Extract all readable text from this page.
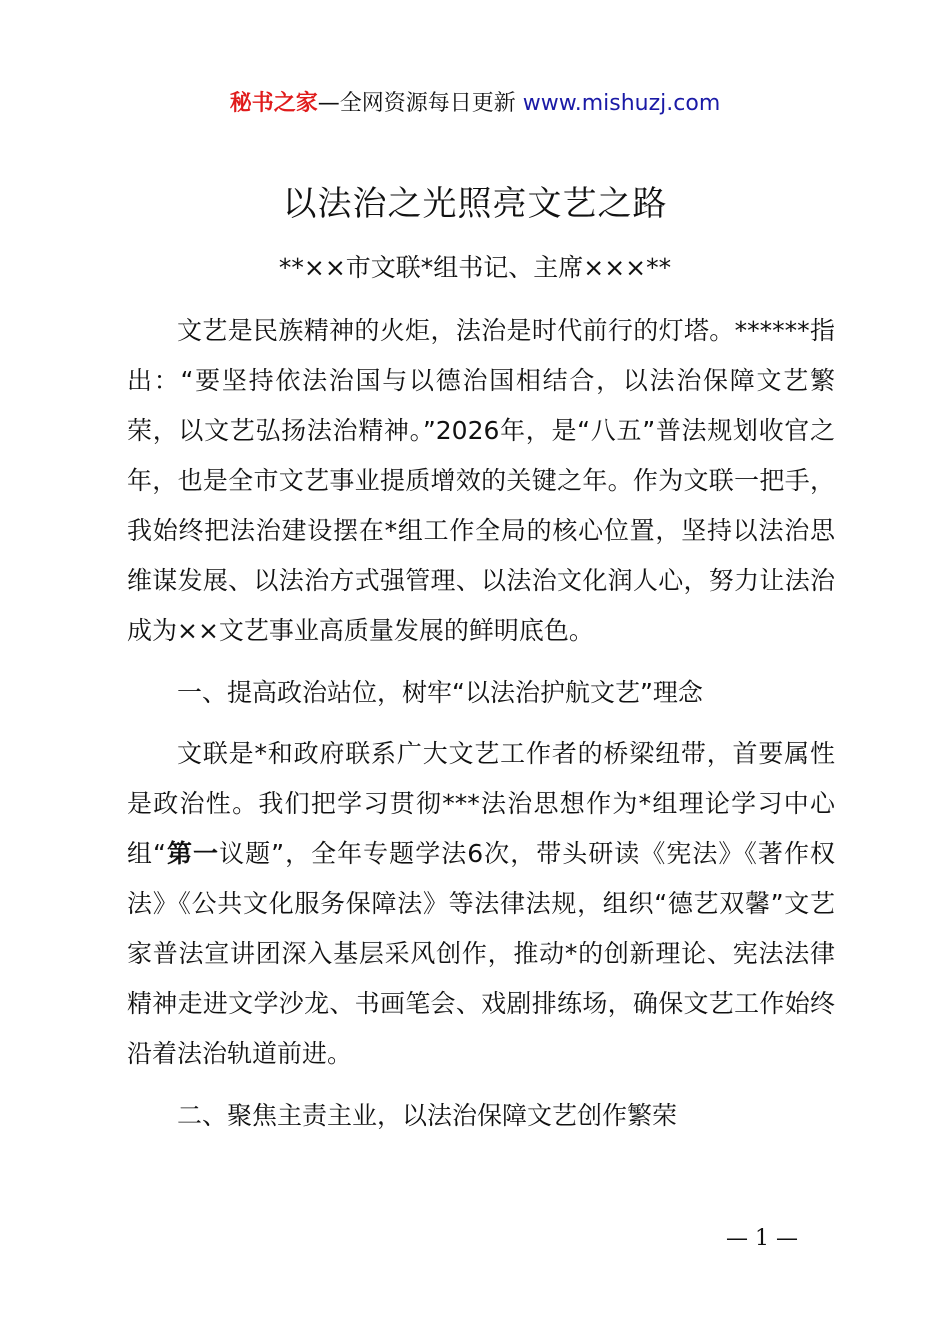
秘书之家—全网资源每日更新 www.mishuzj.com
以法治之光照亮文艺之路

**××市文联*组书记、主席×××**

文艺是民族精神的火炬，法治是时代前行的灯塔。******指出：“要坚持依法治国与以德治国相结合，以法治保障文艺繁荣，以文艺弘扬法治精神。”2026年，是“八五”普法规划收官之年，也是全市文艺事业提质增效的关键之年。作为文联一把手，我始终把法治建设摆在*组工作全局的核心位置，坚持以法治思维谋发展、以法治方式强管理、以法治文化润人心，努力让法治成为××文艺事业高质量发展的鲜明底色。

一、提高政治站位，树牢“以法治护航文艺”理念

文联是*和政府联系广大文艺工作者的桥梁纽带，首要属性是政治性。我们把学习贯彻***法治思想作为*组理论学习中心组“第一议题”，全年专题学法6次，带头研读《宪法》《著作权法》《公共文化服务保障法》等法律法规，组织“德艺双馨”文艺家普法宣讲团深入基层采风创作，推动*的创新理论、宪法法律精神走进文学沙龙、书画笔会、戏剧排练场，确保文艺工作始终沿着法治轨道前进。

二、聚焦主责主业，以法治保障文艺创作繁荣
— 1 —
